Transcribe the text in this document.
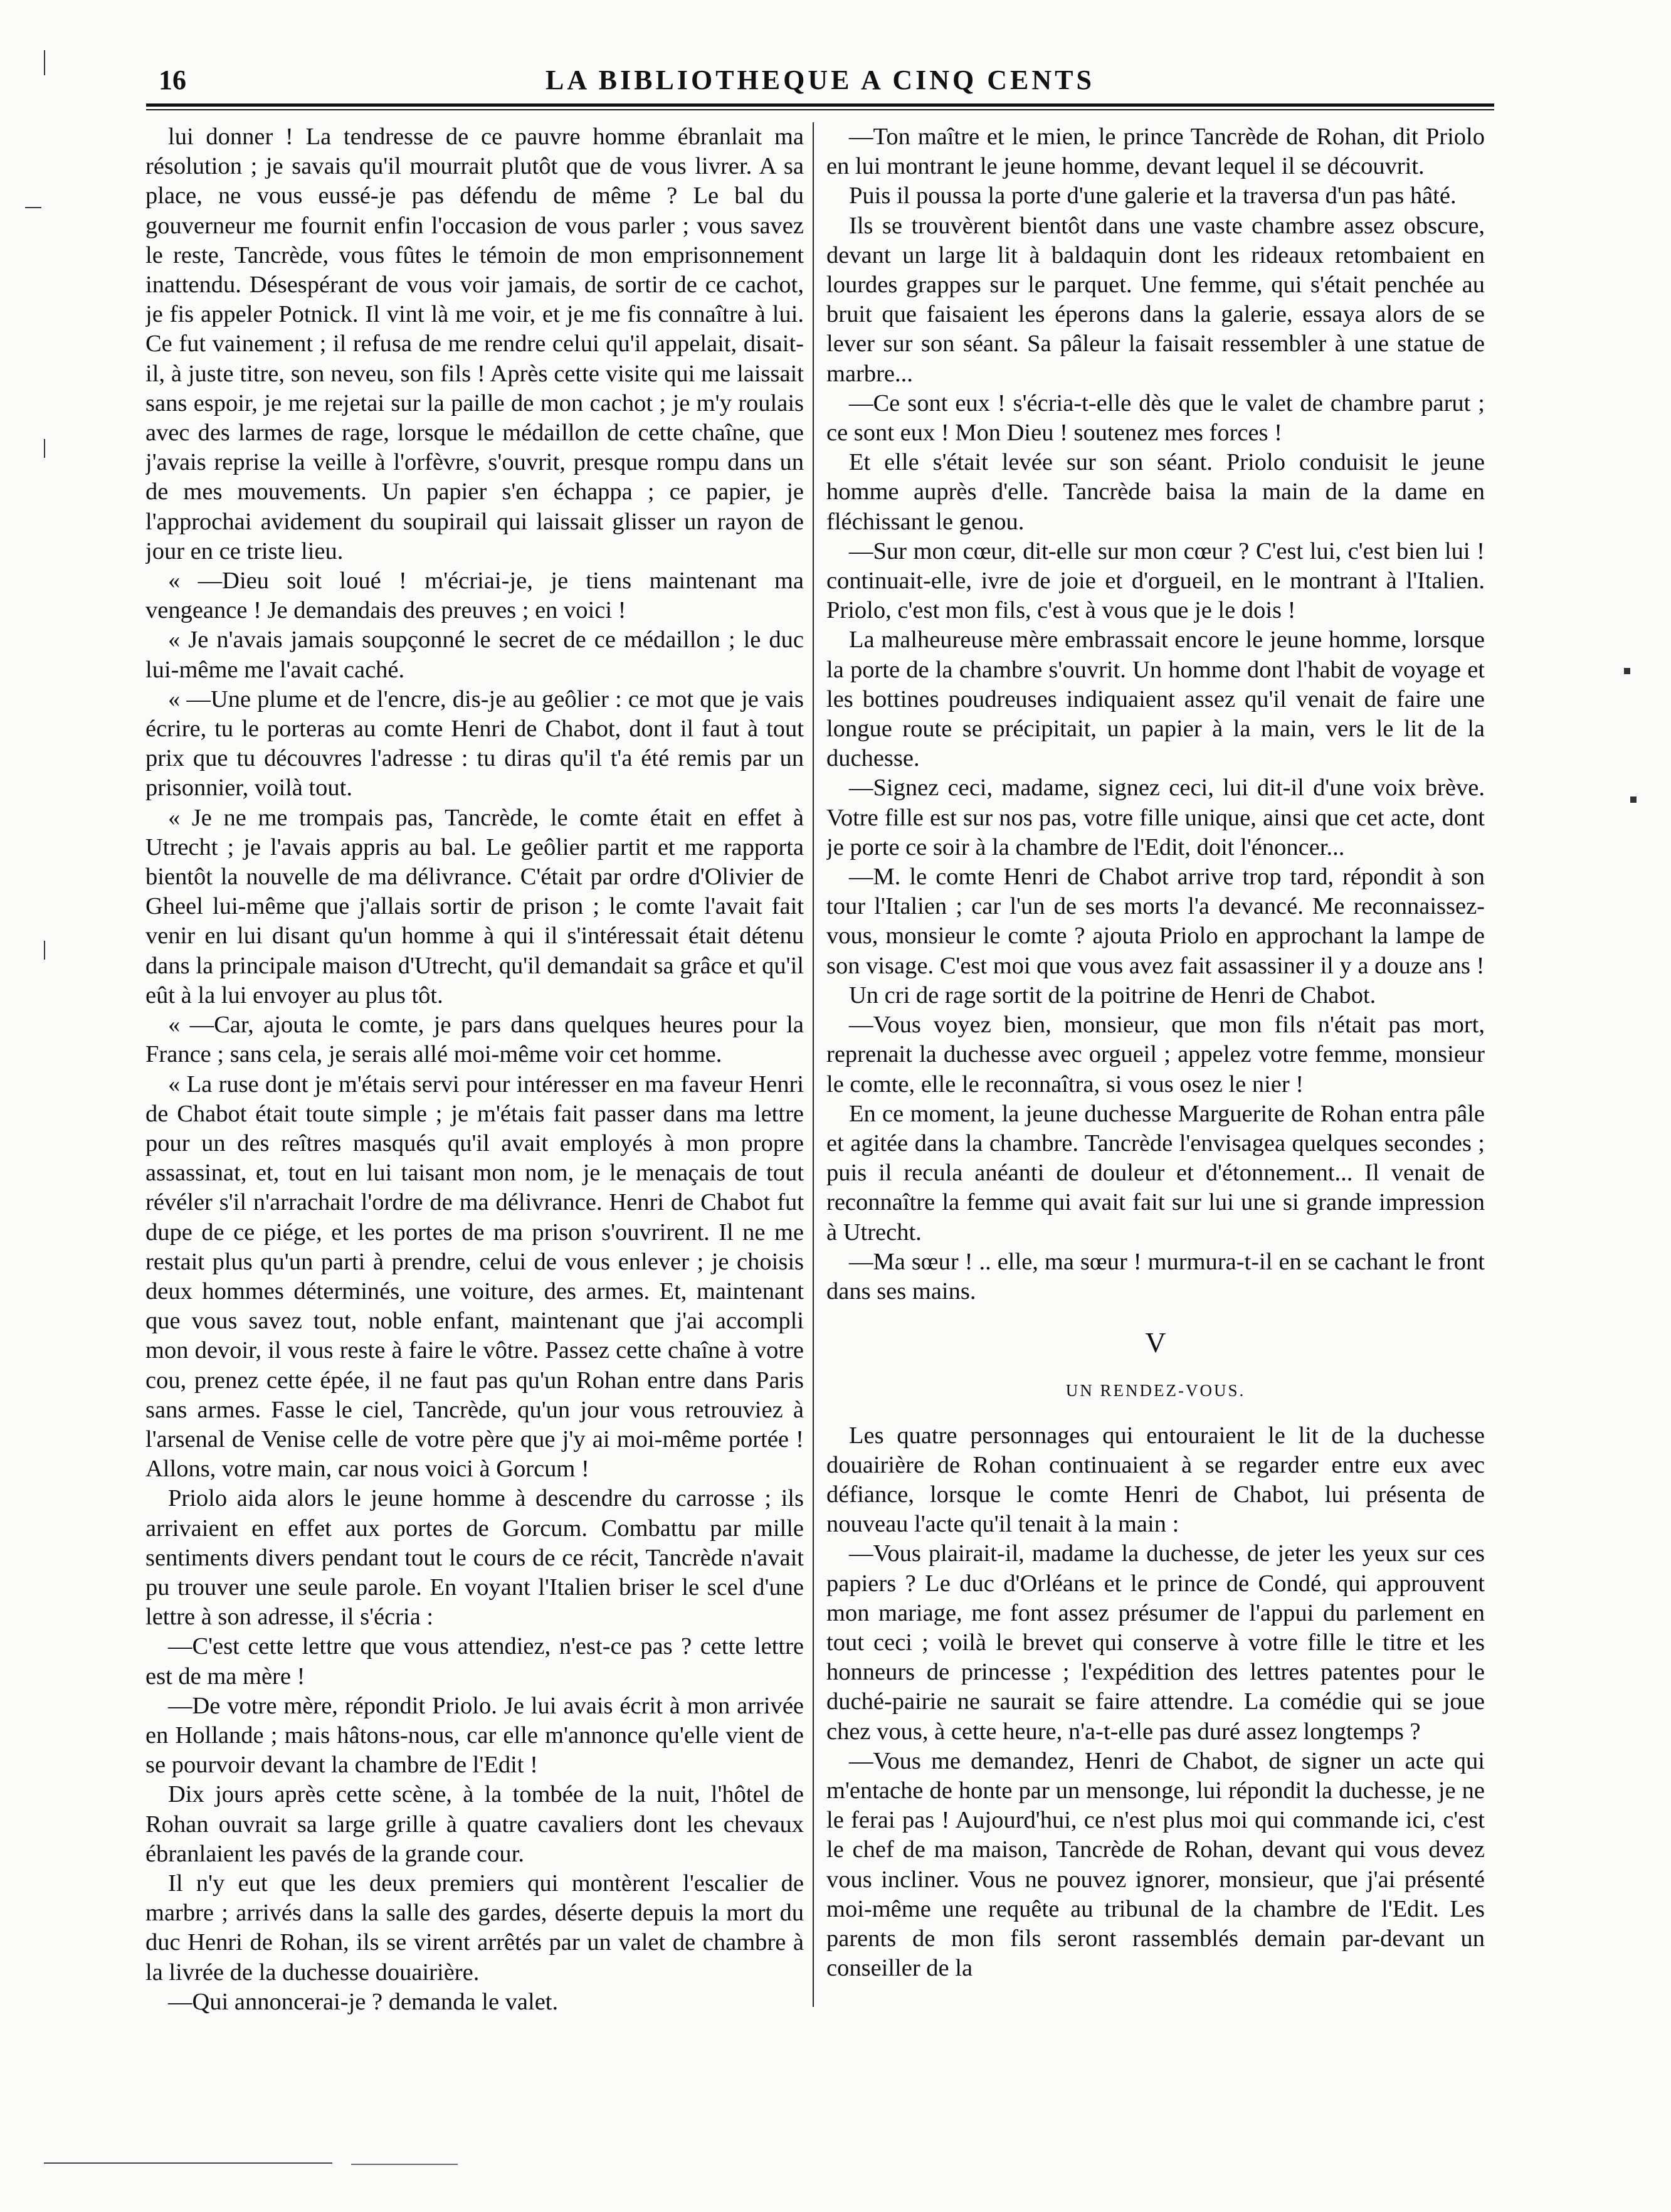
16	LA BIBLIOTHEQUE A CINQ CENTS

lui donner ! La tendresse de ce pauvre homme ébranlait ma résolution ; je savais qu'il mourrait plutôt que de vous livrer. A sa place, ne vous eussé-je pas défendu de même ? Le bal du gouverneur me fournit enfin l'occasion de vous parler ; vous savez le reste, Tancrède, vous fûtes le témoin de mon emprisonnement inattendu. Désespérant de vous voir jamais, de sortir de ce cachot, je fis appeler Potnick. Il vint là me voir, et je me fis connaître à lui. Ce fut vainement ; il refusa de me rendre celui qu'il appelait, disait-il, à juste titre, son neveu, son fils ! Après cette visite qui me laissait sans espoir, je me rejetai sur la paille de mon cachot ; je m'y roulais avec des larmes de rage, lorsque le médaillon de cette chaîne, que j'avais reprise la veille à l'orfèvre, s'ouvrit, presque rompu dans un de mes mouvements. Un papier s'en échappa ; ce papier, je l'approchai avidement du soupirail qui laissait glisser un rayon de jour en ce triste lieu.

« —Dieu soit loué ! m'écriai-je, je tiens maintenant ma vengeance ! Je demandais des preuves ; en voici !

« Je n'avais jamais soupçonné le secret de ce médaillon ; le duc lui-même me l'avait caché.

« —Une plume et de l'encre, dis-je au geôlier : ce mot que je vais écrire, tu le porteras au comte Henri de Chabot, dont il faut à tout prix que tu découvres l'adresse : tu diras qu'il t'a été remis par un prisonnier, voilà tout.

« Je ne me trompais pas, Tancrède, le comte était en effet à Utrecht ; je l'avais appris au bal. Le geôlier partit et me rapporta bientôt la nouvelle de ma délivrance. C'était par ordre d'Olivier de Gheel lui-même que j'allais sortir de prison ; le comte l'avait fait venir en lui disant qu'un homme à qui il s'intéressait était détenu dans la principale maison d'Utrecht, qu'il demandait sa grâce et qu'il eût à la lui envoyer au plus tôt.

« —Car, ajouta le comte, je pars dans quelques heures pour la France ; sans cela, je serais allé moi-même voir cet homme.

« La ruse dont je m'étais servi pour intéresser en ma faveur Henri de Chabot était toute simple ; je m'étais fait passer dans ma lettre pour un des reîtres masqués qu'il avait employés à mon propre assassinat, et, tout en lui taisant mon nom, je le menaçais de tout révéler s'il n'arrachait l'ordre de ma délivrance. Henri de Chabot fut dupe de ce piége, et les portes de ma prison s'ouvrirent. Il ne me restait plus qu'un parti à prendre, celui de vous enlever ; je choisis deux hommes déterminés, une voiture, des armes. Et, maintenant que vous savez tout, noble enfant, maintenant que j'ai accompli mon devoir, il vous reste à faire le vôtre. Passez cette chaîne à votre cou, prenez cette épée, il ne faut pas qu'un Rohan entre dans Paris sans armes. Fasse le ciel, Tancrède, qu'un jour vous retrouviez à l'arsenal de Venise celle de votre père que j'y ai moi-même portée ! Allons, votre main, car nous voici à Gorcum !

Priolo aida alors le jeune homme à descendre du carrosse ; ils arrivaient en effet aux portes de Gorcum. Combattu par mille sentiments divers pendant tout le cours de ce récit, Tancrède n'avait pu trouver une seule parole. En voyant l'Italien briser le scel d'une lettre à son adresse, il s'écria :

—C'est cette lettre que vous attendiez, n'est-ce pas ? cette lettre est de ma mère !

—De votre mère, répondit Priolo. Je lui avais écrit à mon arrivée en Hollande ; mais hâtons-nous, car elle m'annonce qu'elle vient de se pourvoir devant la chambre de l'Edit !

Dix jours après cette scène, à la tombée de la nuit, l'hôtel de Rohan ouvrait sa large grille à quatre cavaliers dont les chevaux ébranlaient les pavés de la grande cour.

Il n'y eut que les deux premiers qui montèrent l'escalier de marbre ; arrivés dans la salle des gardes, déserte depuis la mort du duc Henri de Rohan, ils se virent arrêtés par un valet de chambre à la livrée de la duchesse douairière.

—Qui annoncerai-je ? demanda le valet.

—Ton maître et le mien, le prince Tancrède de Rohan, dit Priolo en lui montrant le jeune homme, devant lequel il se découvrit.

Puis il poussa la porte d'une galerie et la traversa d'un pas hâté.

Ils se trouvèrent bientôt dans une vaste chambre assez obscure, devant un large lit à baldaquin dont les rideaux retombaient en lourdes grappes sur le parquet. Une femme, qui s'était penchée au bruit que faisaient les éperons dans la galerie, essaya alors de se lever sur son séant. Sa pâleur la faisait ressembler à une statue de marbre...

—Ce sont eux ! s'écria-t-elle dès que le valet de chambre parut ; ce sont eux ! Mon Dieu ! soutenez mes forces !

Et elle s'était levée sur son séant. Priolo conduisit le jeune homme auprès d'elle. Tancrède baisa la main de la dame en fléchissant le genou.

—Sur mon cœur, dit-elle sur mon cœur ? C'est lui, c'est bien lui ! continuait-elle, ivre de joie et d'orgueil, en le montrant à l'Italien. Priolo, c'est mon fils, c'est à vous que je le dois !

La malheureuse mère embrassait encore le jeune homme, lorsque la porte de la chambre s'ouvrit. Un homme dont l'habit de voyage et les bottines poudreuses indiquaient assez qu'il venait de faire une longue route se précipitait, un papier à la main, vers le lit de la duchesse.

—Signez ceci, madame, signez ceci, lui dit-il d'une voix brève. Votre fille est sur nos pas, votre fille unique, ainsi que cet acte, dont je porte ce soir à la chambre de l'Edit, doit l'énoncer...

—M. le comte Henri de Chabot arrive trop tard, répondit à son tour l'Italien ; car l'un de ses morts l'a devancé. Me reconnaissez-vous, monsieur le comte ? ajouta Priolo en approchant la lampe de son visage. C'est moi que vous avez fait assassiner il y a douze ans !

Un cri de rage sortit de la poitrine de Henri de Chabot.

—Vous voyez bien, monsieur, que mon fils n'était pas mort, reprenait la duchesse avec orgueil ; appelez votre femme, monsieur le comte, elle le reconnaîtra, si vous osez le nier !

En ce moment, la jeune duchesse Marguerite de Rohan entra pâle et agitée dans la chambre. Tancrède l'envisagea quelques secondes ; puis il recula anéanti de douleur et d'étonnement... Il venait de reconnaître la femme qui avait fait sur lui une si grande impression à Utrecht.

—Ma sœur ! .. elle, ma sœur ! murmura-t-il en se cachant le front dans ses mains.

V
UN RENDEZ-VOUS.

Les quatre personnages qui entouraient le lit de la duchesse douairière de Rohan continuaient à se regarder entre eux avec défiance, lorsque le comte Henri de Chabot, lui présenta de nouveau l'acte qu'il tenait à la main :

—Vous plairait-il, madame la duchesse, de jeter les yeux sur ces papiers ? Le duc d'Orléans et le prince de Condé, qui approuvent mon mariage, me font assez présumer de l'appui du parlement en tout ceci ; voilà le brevet qui conserve à votre fille le titre et les honneurs de princesse ; l'expédition des lettres patentes pour le duché-pairie ne saurait se faire attendre. La comédie qui se joue chez vous, à cette heure, n'a-t-elle pas duré assez longtemps ?

—Vous me demandez, Henri de Chabot, de signer un acte qui m'entache de honte par un mensonge, lui répondit la duchesse, je ne le ferai pas ! Aujourd'hui, ce n'est plus moi qui commande ici, c'est le chef de ma maison, Tancrède de Rohan, devant qui vous devez vous incliner. Vous ne pouvez ignorer, monsieur, que j'ai présenté moi-même une requête au tribunal de la chambre de l'Edit. Les parents de mon fils seront rassemblés demain par-devant un conseiller de la
